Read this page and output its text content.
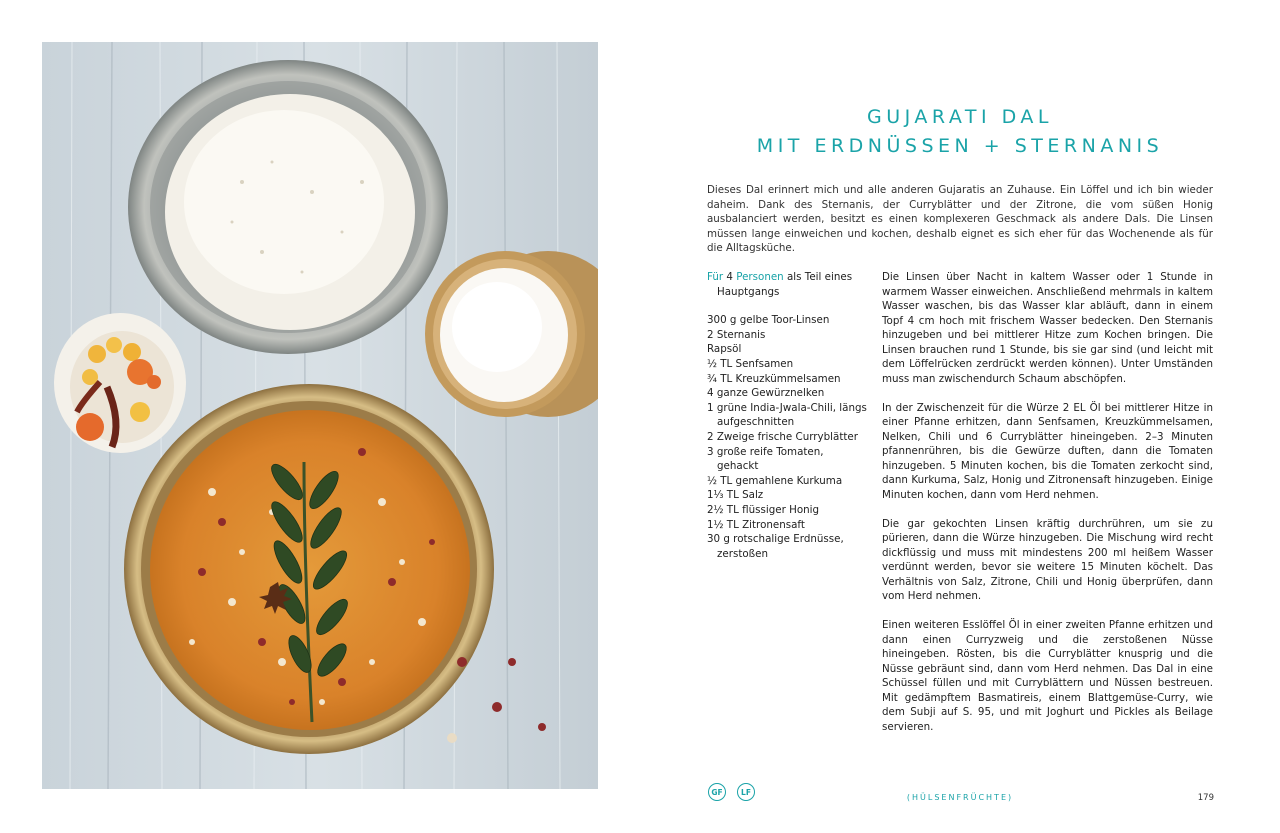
GUJARATI DAL
MIT ERDNÜSSEN + STERNANIS
Dieses Dal erinnert mich und alle anderen Gujaratis an Zuhause. Ein Löffel und ich bin wieder daheim. Dank des Sternanis, der Curryblätter und der Zitrone, die vom süßen Honig ausbalanciert werden, besitzt es einen komplexeren Geschmack als andere Dals. Die Linsen müssen lange einweichen und kochen, deshalb eignet es sich eher für das Wochenende als für die Alltagsküche.
Für 4 Personen als Teil eines Hauptgangs
300 g gelbe Toor-Linsen
2 Sternanis
Rapsöl
½ TL Senfsamen
¾ TL Kreuzkümmelsamen
4 ganze Gewürznelken
1 grüne India-Jwala-Chili, längs aufgeschnitten
2 Zweige frische Curryblätter
3 große reife Tomaten, gehackt
½ TL gemahlene Kurkuma
1⅓ TL Salz
2½ TL flüssiger Honig
1½ TL Zitronensaft
30 g rotschalige Erdnüsse, zerstoßen

Die Linsen über Nacht in kaltem Wasser oder 1 Stunde in warmem Wasser einweichen. Anschließend mehrmals in kaltem Wasser waschen, bis das Wasser klar abläuft, dann in einem Topf 4 cm hoch mit frischem Wasser bedecken. Den Sternanis hinzugeben und bei mittlerer Hitze zum Kochen bringen. Die Linsen brauchen rund 1 Stunde, bis sie gar sind (und leicht mit dem Löffelrücken zerdrückt werden können). Unter Umständen muss man zwischendurch Schaum abschöpfen.

In der Zwischenzeit für die Würze 2 EL Öl bei mittlerer Hitze in einer Pfanne erhitzen, dann Senfsamen, Kreuzkümmelsamen, Nelken, Chili und 6 Curryblätter hineingeben. 2–3 Minuten pfannenrühren, bis die Gewürze duften, dann die Tomaten hinzugeben. 5 Minuten kochen, bis die Tomaten zerkocht sind, dann Kurkuma, Salz, Honig und Zitronensaft hinzugeben. Einige Minuten kochen, dann vom Herd nehmen.

Die gar gekochten Linsen kräftig durchrühren, um sie zu pürieren, dann die Würze hinzugeben. Die Mischung wird recht dickflüssig und muss mit mindestens 200 ml heißem Wasser verdünnt werden, bevor sie weitere 15 Minuten köchelt. Das Verhältnis von Salz, Zitrone, Chili und Honig überprüfen, dann vom Herd nehmen.

Einen weiteren Esslöffel Öl in einer zweiten Pfanne erhitzen und dann einen Curryzweig und die zerstoßenen Nüsse hineingeben. Rösten, bis die Curryblätter knusprig und die Nüsse gebräunt sind, dann vom Herd nehmen. Das Dal in eine Schüssel füllen und mit Curryblättern und Nüssen bestreuen. Mit gedämpftem Basmatireis, einem Blattgemüse-Curry, wie dem Subji auf S. 95, und mit Joghurt und Pickles als Beilage servieren.

GF	LF
(HÜLSENFRÜCHTE)	179
